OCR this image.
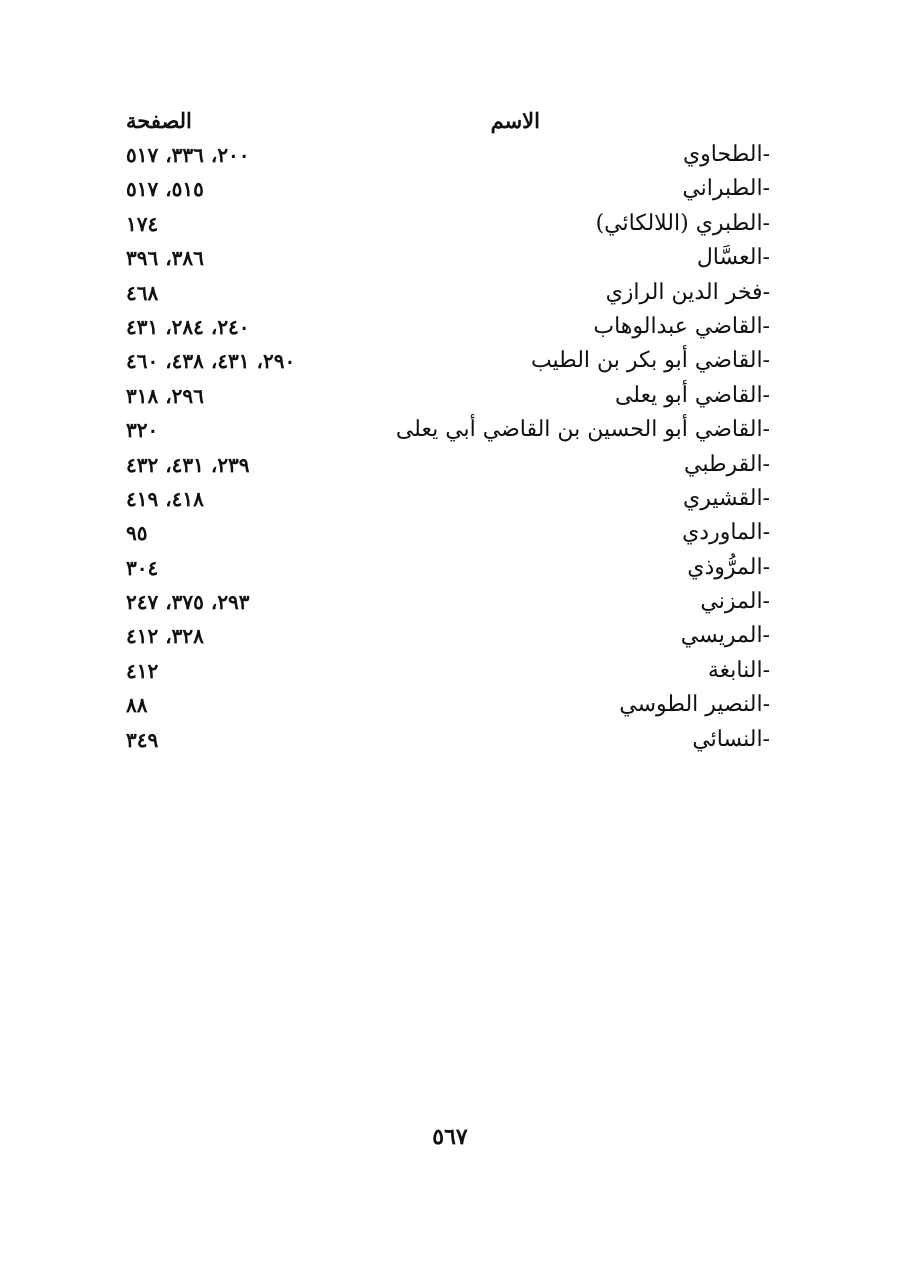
الاسم
الصفحة
-الطحاوي
٢٠٠، ٣٣٦، ٥١٧
-الطبراني
٥١٥، ٥١٧
-الطبري (اللالكائي)
١٧٤
-العسَّال
٣٨٦، ٣٩٦
-فخر الدين الرازي
٤٦٨
-القاضي عبدالوهاب
٢٤٠، ٢٨٤، ٤٣١
-القاضي أبو بكر بن الطيب
٢٩٠، ٤٣١، ٤٣٨، ٤٦٠
-القاضي أبو يعلى
٢٩٦، ٣١٨
-القاضي أبو الحسين بن القاضي أبي يعلى
٣٢٠
-القرطبي
٢٣٩، ٤٣١، ٤٣٢
-القشيري
٤١٨، ٤١٩
-الماوردي
٩٥
-المرُّوذي
٣٠٤
-المزني
٢٩٣، ٣٧٥، ٢٤٧
-المريسي
٣٢٨، ٤١٢
-النابغة
٤١٢
-النصير الطوسي
٨٨
-النسائي
٣٤٩
٥٦٧
